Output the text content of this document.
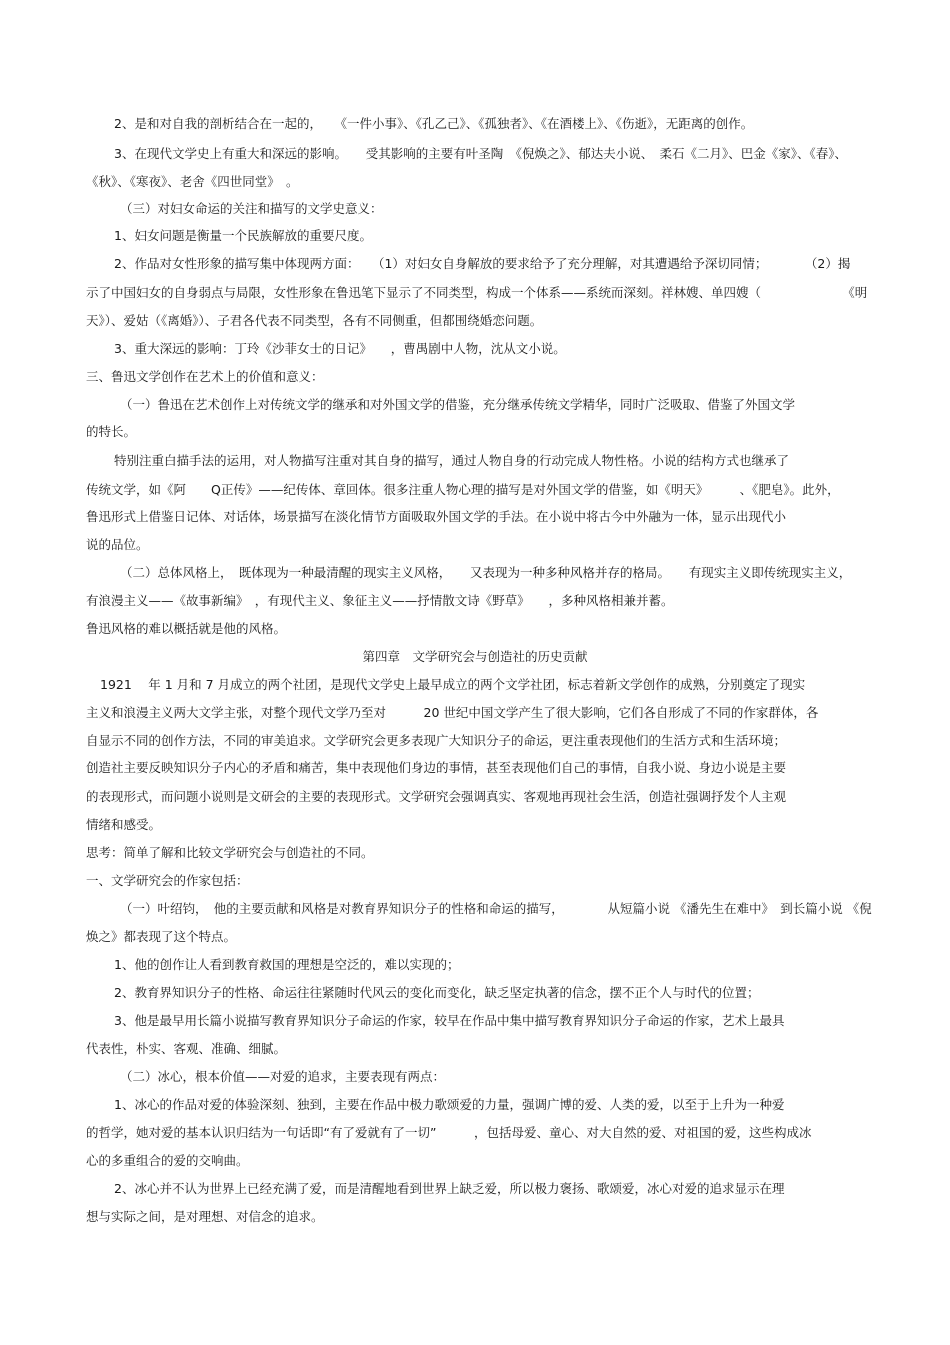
2、是和对自我的剖析结合在一起的，　　《一件小事》、《孔乙己》、《孤独者》、《在酒楼上》、《伤逝》，无距离的创作。
3、在现代文学史上有重大和深远的影响。　　受其影响的主要有叶圣陶　《倪焕之》、郁达夫小说、　柔石《二月》、巴金《家》、《春》、
《秋》、《寒夜》、老舍《四世同堂》　。
（三）对妇女命运的关注和描写的文学史意义：
1、妇女问题是衡量一个民族解放的重要尺度。
2、作品对女性形象的描写集中体现两方面：　　（1）对妇女自身解放的要求给予了充分理解，对其遭遇给予深切同情；　　　　（2）揭
示了中国妇女的自身弱点与局限，女性形象在鲁迅笔下显示了不同类型，构成一个体系——系统而深刻。祥林嫂、单四嫂（　　　　　　　《明
天》）、爱姑（《离婚》）、子君各代表不同类型，各有不同侧重，但都围绕婚恋问题。
3、重大深远的影响：丁玲《沙菲女士的日记》　　，曹禺剧中人物，沈从文小说。
三、鲁迅文学创作在艺术上的价值和意义：
（一）鲁迅在艺术创作上对传统文学的继承和对外国文学的借鉴，充分继承传统文学精华，同时广泛吸取、借鉴了外国文学
的特长。
特别注重白描手法的运用，对人物描写注重对其自身的描写，通过人物自身的行动完成人物性格。小说的结构方式也继承了
传统文学，如《阿　　Q正传》——纪传体、章回体。很多注重人物心理的描写是对外国文学的借鉴，如《明天》　　　、《肥皂》。此外，
鲁迅形式上借鉴日记体、对话体，场景描写在淡化情节方面吸取外国文学的手法。在小说中将古今中外融为一体，显示出现代小
说的品位。
（二）总体风格上，　既体现为一种最清醒的现实主义风格，　　又表现为一种多种风格并存的格局。　　有现实主义即传统现实主义，
有浪漫主义——《故事新编》　，有现代主义、象征主义——抒情散文诗《野草》　　，多种风格相兼并蓄。
鲁迅风格的难以概括就是他的风格。
第四章　文学研究会与创造社的历史贡献
1921　 年 1 月和 7 月成立的两个社团，是现代文学史上最早成立的两个文学社团，标志着新文学创作的成熟，分别奠定了现实
主义和浪漫主义两大文学主张，对整个现代文学乃至对　　　20 世纪中国文学产生了很大影响，它们各自形成了不同的作家群体，各
自显示不同的创作方法，不同的审美追求。文学研究会更多表现广大知识分子的命运，更注重表现他们的生活方式和生活环境；
创造社主要反映知识分子内心的矛盾和痛苦，集中表现他们身边的事情，甚至表现他们自己的事情，自我小说、身边小说是主要
的表现形式，而问题小说则是文研会的主要的表现形式。文学研究会强调真实、客观地再现社会生活，创造社强调抒发个人主观
情绪和感受。
思考：简单了解和比较文学研究会与创造社的不同。
一、文学研究会的作家包括：
（一）叶绍钧，　他的主要贡献和风格是对教育界知识分子的性格和命运的描写，　　　　从短篇小说 《潘先生在难中》　到长篇小说 《倪
焕之》都表现了这个特点。
1、他的创作让人看到教育救国的理想是空泛的，难以实现的；
2、教育界知识分子的性格、命运往往紧随时代风云的变化而变化，缺乏坚定执著的信念，摆不正个人与时代的位置；
3、他是最早用长篇小说描写教育界知识分子命运的作家，较早在作品中集中描写教育界知识分子命运的作家，艺术上最具
代表性，朴实、客观、准确、细腻。
（二）冰心，根本价值——对爱的追求，主要表现有两点：
1、冰心的作品对爱的体验深刻、独到，主要在作品中极力歌颂爱的力量，强调广博的爱、人类的爱，以至于上升为一种爱
的哲学，她对爱的基本认识归结为一句话即“有了爱就有了一切”　　　，包括母爱、童心、对大自然的爱、对祖国的爱，这些构成冰
心的多重组合的爱的交响曲。
2、冰心并不认为世界上已经充满了爱，而是清醒地看到世界上缺乏爱，所以极力褒扬、歌颂爱，冰心对爱的追求显示在理
想与实际之间，是对理想、对信念的追求。
